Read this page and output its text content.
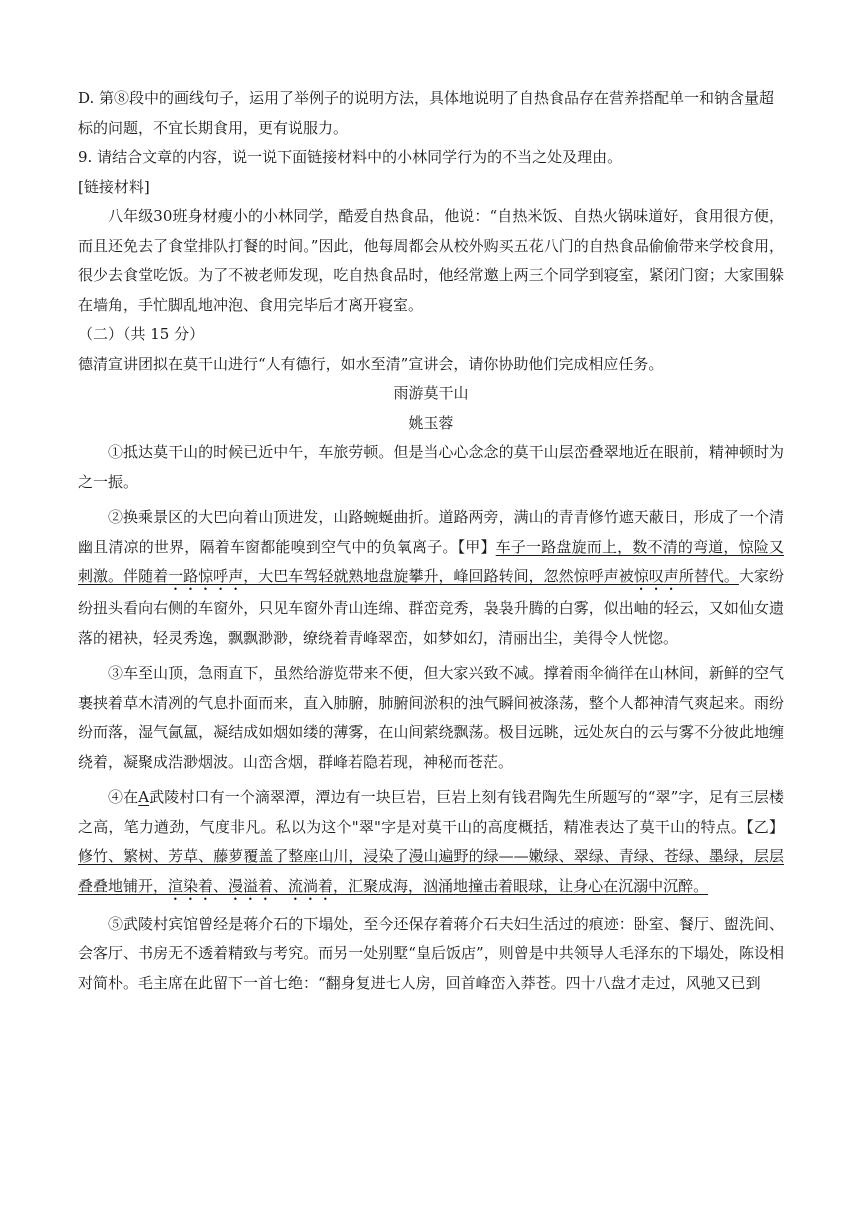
D. 第⑧段中的画线句子，运用了举例子的说明方法，具体地说明了自热食品存在营养搭配单一和钠含量超
标的问题，不宜长期食用，更有说服力。

9. 请结合文章的内容，说一说下面链接材料中的小林同学行为的不当之处及理由。

[链接材料]

八年级30班身材瘦小的小林同学，酷爱自热食品，他说：“自热米饭、自热火锅味道好，食用很方便，而且还免去了食堂排队打餐的时间。”因此，他每周都会从校外购买五花八门的自热食品偷偷带来学校食用，很少去食堂吃饭。为了不被老师发现，吃自热食品时，他经常邀上两三个同学到寝室，紧闭门窗；大家围躲在墙角，手忙脚乱地冲泡、食用完毕后才离开寝室。

（二）（共 15 分）

德清宣讲团拟在莫干山进行“人有德行，如水至清”宣讲会，请你协助他们完成相应任务。

雨游莫干山

姚玉蓉

①抵达莫干山的时候已近中午，车旅劳顿。但是当心心念念的莫干山层峦叠翠地近在眼前，精神顿时为之一振。

②换乘景区的大巴向着山顶进发，山路蜿蜒曲折。道路两旁，满山的青青修竹遮天蔽日，形成了一个清幽且清凉的世界，隔着车窗都能嗅到空气中的负氧离子。【甲】车子一路盘旋而上，数不清的弯道，惊险又刺激。伴随着一路惊呼声，大巴车驾轻就熟地盘旋攀升，峰回路转间，忽然惊呼声被惊叹声所替代。大家纷纷扭头看向右侧的车窗外，只见车窗外青山连绵、群峦竞秀，袅袅升腾的白雾，似出岫的轻云，又如仙女遗落的裙袂，轻灵秀逸，飘飘渺渺，缭绕着青峰翠峦，如梦如幻，清丽出尘，美得令人恍惚。

③车至山顶，急雨直下，虽然给游览带来不便，但大家兴致不减。撑着雨伞徜徉在山林间，新鲜的空气裹挟着草木清冽的气息扑面而来，直入肺腑，肺腑间淤积的浊气瞬间被涤荡，整个人都神清气爽起来。雨纷纷而落，湿气氤氲，凝结成如烟如缕的薄雾，在山间萦绕飘荡。极目远眺，远处灰白的云与雾不分彼此地缠绕着，凝聚成浩渺烟波。山峦含烟，群峰若隐若现，神秘而苍茫。

④在A武陵村口有一个滴翠潭，潭边有一块巨岩，巨岩上刻有钱君陶先生所题写的“翠”字，足有三层楼之高，笔力遒劲，气度非凡。私以为这个"翠"字是对莫干山的高度概括，精准表达了莫干山的特点。【乙】修竹、繁树、芳草、藤萝覆盖了整座山川，浸染了漫山遍野的绿——嫩绿、翠绿、青绿、苍绿、墨绿，层层叠叠地铺开，渲染着、漫溢着、流淌着，汇聚成海，汹涌地撞击着眼球，让身心在沉溺中沉醉。

⑤武陵村宾馆曾经是蒋介石的下塌处，至今还保存着蒋介石夫妇生活过的痕迹：卧室、餐厅、盥洗间、会客厅、书房无不透着精致与考究。而另一处别墅“皇后饭店”，则曾是中共领导人毛泽东的下塌处，陈设相对简朴。毛主席在此留下一首七绝：“翻身复进七人房，回首峰峦入莽苍。四十八盘才走过，风驰又已到
